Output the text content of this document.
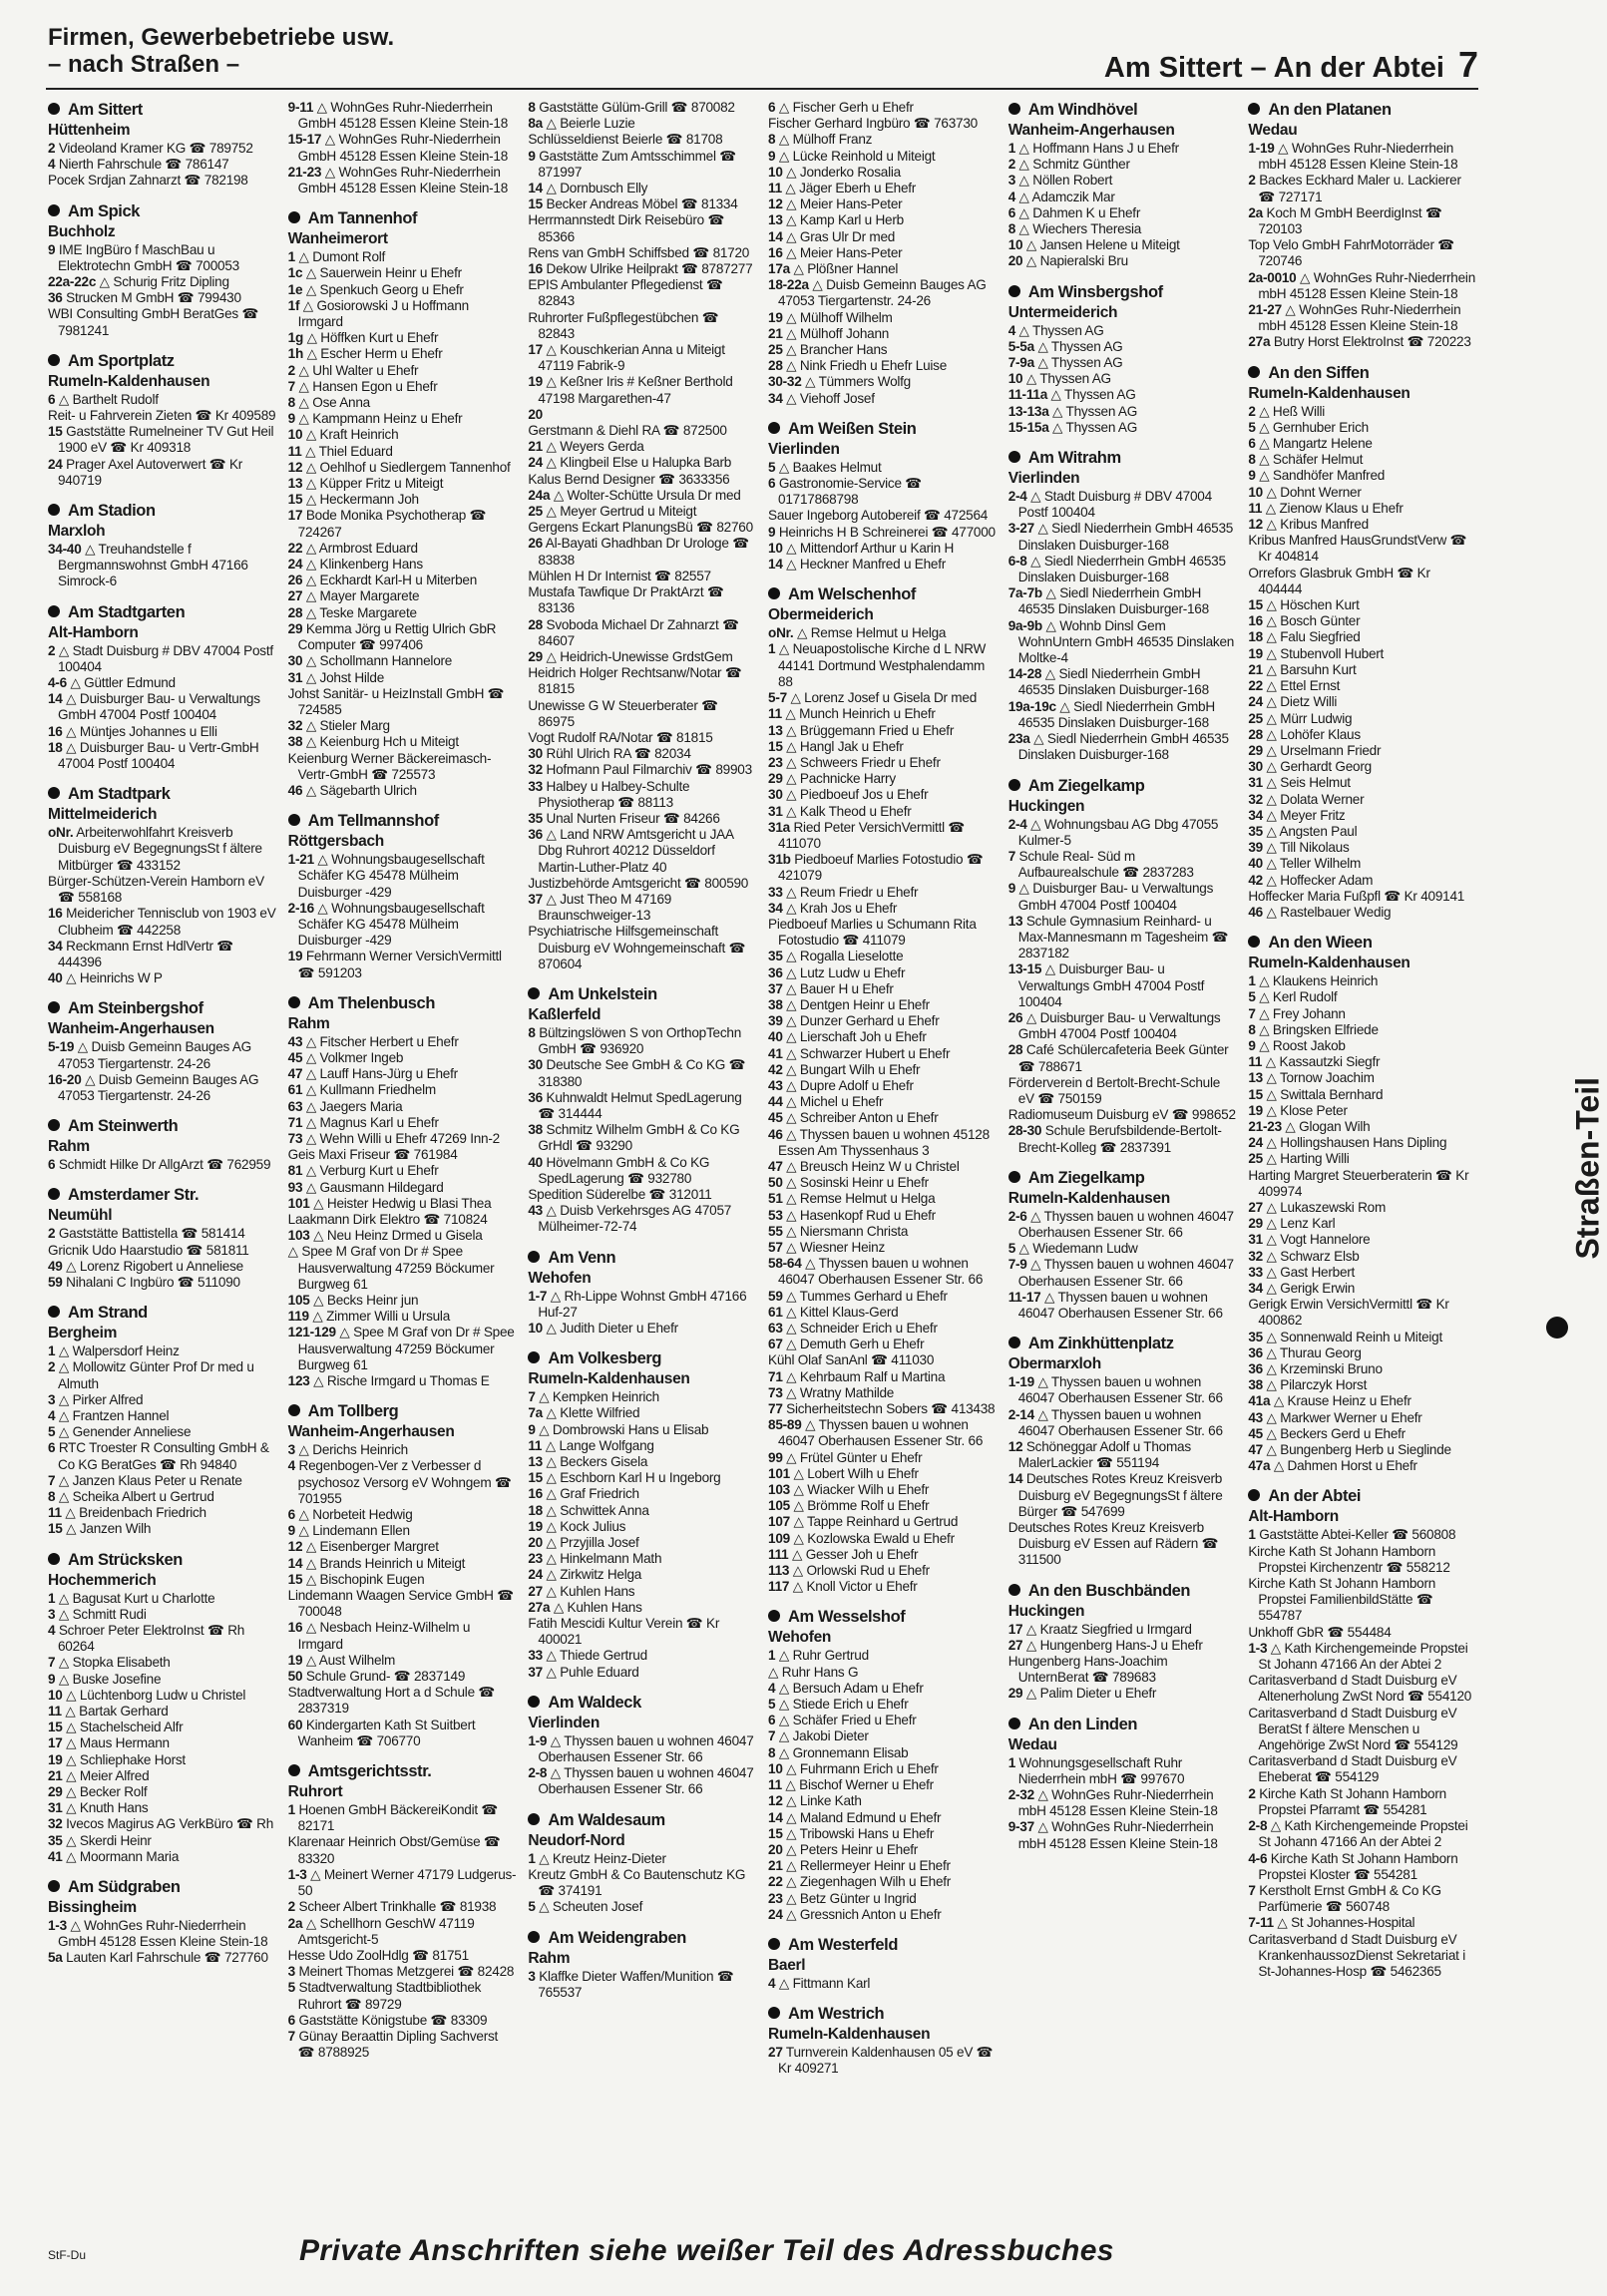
Firmen, Gewerbebetriebe usw.
– nach Straßen –	Am Sittert – An der Abtei 7
Am Sittert
Hüttenheim
2 Videoland Kramer KG ☎ 789752
4 Nierth Fahrschule ☎ 786147
Pocek Srdjan Zahnarzt ☎ 782198
Am Spick
Buchholz
9 IME IngBüro f MaschBau u Elektrotechn GmbH ☎ 700053
22a-22c △ Schurig Fritz Dipling
36 Strucken M GmbH ☎ 799430
WBI Consulting GmbH BeratGes ☎ 7981241
Am Sportplatz
Rumeln-Kaldenhausen
6 △ Barthelt Rudolf
Reit- u Fahrverein Zieten ☎ Kr 409589
15 Gaststätte Rumelneiner TV Gut Heil 1900 eV ☎ Kr 409318
24 Prager Axel Autoverwert ☎ Kr 940719
Am Stadion
Marxloh
34-40 △ Treuhandstelle f Bergmannswohnst GmbH 47166 Simrock-6
Am Stadtgarten
Alt-Hamborn
2 △ Stadt Duisburg # DBV 47004 Postf 100404
4-6 △ Güttler Edmund
14 △ Duisburger Bau- u Verwaltungs GmbH 47004 Postf 100404
16 △ Müntjes Johannes u Elli
18 △ Duisburger Bau- u Vertr-GmbH 47004 Postf 100404
Am Stadtpark
Mittelmeiderich
oNr. Arbeiterwohlfahrt Kreisverb Duisburg eV BegegnungsSt f ältere Mitbürger ☎ 433152
Bürger-Schützen-Verein Hamborn eV ☎ 558168
16 Meidericher Tennisclub von 1903 eV Clubheim ☎ 442258
34 Reckmann Ernst HdlVertr ☎ 444396
40 △ Heinrichs W P
Am Steinbergshof
Wanheim-Angerhausen
5-19 △ Duisb Gemeinn Bauges AG 47053 Tiergartenstr. 24-26
16-20 △ Duisb Gemeinn Bauges AG 47053 Tiergartenstr. 24-26
Am Steinwerth
Rahm
6 Schmidt Hilke Dr AllgArzt ☎ 762959
Amsterdamer Str.
Neumühl
2 Gaststätte Battistella ☎ 581414
Gricnik Udo Haarstudio ☎ 581811
49 △ Lorenz Rigobert u Anneliese
59 Nihalani C Ingbüro ☎ 511090
Am Strand
Bergheim
1 △ Walpersdorf Heinz
2 △ Mollowitz Günter Prof Dr med u Almuth
3 △ Pirker Alfred
4 △ Frantzen Hannel
5 △ Genender Anneliese
6 RTC Troester R Consulting GmbH & Co KG BeratGes ☎ Rh 94840
7 △ Janzen Klaus Peter u Renate
8 △ Scheika Albert u Gertrud
11 △ Breidenbach Friedrich
15 △ Janzen Wilh
Am Strücksken
Hochemmerich
1 △ Bagusat Kurt u Charlotte
3 △ Schmitt Rudi
4 Schroer Peter ElektroInst ☎ Rh 60264
7 △ Stopka Elisabeth
9 △ Buske Josefine
10 △ Lüchtenborg Ludw u Christel
11 △ Bartak Gerhard
15 △ Stachelscheid Alfr
17 △ Maus Hermann
19 △ Schliephake Horst
21 △ Meier Alfred
29 △ Becker Rolf
31 △ Knuth Hans
32 Ivecos Magirus AG VerkBüro ☎ Rh
35 △ Skerdi Heinr
41 △ Moormann Maria
Am Südgraben
Bissingheim
1-3 △ WohnGes Ruhr-Niederrhein GmbH 45128 Essen Kleine Stein-18
5a Lauten Karl Fahrschule ☎ 727760
9-11 △ WohnGes Ruhr-Niederrhein GmbH 45128 Essen Kleine Stein-18
15-17 △ WohnGes Ruhr-Niederrhein GmbH 45128 Essen Kleine Stein-18
21-23 △ WohnGes Ruhr-Niederrhein GmbH 45128 Essen Kleine Stein-18
Am Tannenhof
Wanheimerort
1 △ Dumont Rolf
1c △ Sauerwein Heinr u Ehefr
1e △ Spenkuch Georg u Ehefr
1f △ Gosiorowski J u Hoffmann Irmgard
1g △ Höffken Kurt u Ehefr
1h △ Escher Herm u Ehefr
2 △ Uhl Walter u Ehefr
7 △ Hansen Egon u Ehefr
8 △ Ose Anna
9 △ Kampmann Heinz u Ehefr
10 △ Kraft Heinrich
11 △ Thiel Eduard
12 △ Oehlhof u Siedlergem Tannenhof
13 △ Küpper Fritz u Miteigt
15 △ Heckermann Joh
17 Bode Monika Psychotherap ☎ 724267
22 △ Armbrost Eduard
24 △ Klinkenberg Hans
26 △ Eckhardt Karl-H u Miterben
27 △ Mayer Margarete
28 △ Teske Margarete
29 Kemma Jörg u Rettig Ulrich GbR Computer ☎ 997406
30 △ Schollmann Hannelore
31 △ Johst Hilde
Johst Sanitär- u HeizInstall GmbH ☎ 724585
32 △ Stieler Marg
38 △ Keienburg Hch u Miteigt
Keienburg Werner Bäckereimasch-Vertr-GmbH ☎ 725573
46 △ Sägebarth Ulrich
Am Tellmannshof
Röttgersbach
1-21 △ Wohnungsbaugesellschaft Schäfer KG 45478 Mülheim Duisburger -429
2-16 △ Wohnungsbaugesellschaft Schäfer KG 45478 Mülheim Duisburger -429
19 Fehrmann Werner VersichVermittl ☎ 591203
Am Thelenbusch
Rahm
43 △ Fitscher Herbert u Ehefr
45 △ Volkmer Ingeb
47 △ Lauff Hans-Jürg u Ehefr
61 △ Kullmann Friedhelm
63 △ Jaegers Maria
71 △ Magnus Karl u Ehefr
73 △ Wehn Willi u Ehefr 47269 Inn-2
Geis Maxi Friseur ☎ 761984
81 △ Verburg Kurt u Ehefr
93 △ Gausmann Hildegard
101 △ Heister Hedwig u Blasi Thea
Laakmann Dirk Elektro ☎ 710824
103 △ Neu Heinz Drmed u Gisela
△ Spee M Graf von Dr # Spee Hausverwaltung 47259 Böckumer Burgweg 61
105 △ Becks Heinr jun
119 △ Zimmer Willi u Ursula
121-129 △ Spee M Graf von Dr # Spee Hausverwaltung 47259 Böckumer Burgweg 61
123 △ Rische Irmgard u Thomas E
Am Tollberg
Wanheim-Angerhausen
3 △ Derichs Heinrich
4 Regenbogen-Ver z Verbesser d psychosoz Versorg eV Wohngem ☎ 701955
6 △ Norbeteit Hedwig
9 △ Lindemann Ellen
12 △ Eisenberger Margret
14 △ Brands Heinrich u Miteigt
15 △ Bischopink Eugen
Lindemann Waagen Service GmbH ☎ 700048
16 △ Nesbach Heinz-Wilhelm u Irmgard
19 △ Aust Wilhelm
50 Schule Grund- ☎ 2837149
Stadtverwaltung Hort a d Schule ☎ 2837319
60 Kindergarten Kath St Suitbert Wanheim ☎ 706770
Amtsgerichtsstr.
Ruhrort
1 Hoenen GmbH BäckereiKondit ☎ 82171
Klarenaar Heinrich Obst/Gemüse ☎ 83320
1-3 △ Meinert Werner 47179 Ludgerus-50
2 Scheer Albert Trinkhalle ☎ 81938
2a △ Schellhorn GeschW 47119 Amtsgericht-5
Hesse Udo ZoolHdlg ☎ 81751
3 Meinert Thomas Metzgerei ☎ 82428
5 Stadtverwaltung Stadtbibliothek Ruhrort ☎ 89729
6 Gaststätte Königstube ☎ 83309
7 Günay Beraattin Dipling Sachverst ☎ 8788925
8 Gaststätte Gülüm-Grill ☎ 870082
8a △ Beierle Luzie
Schlüsseldienst Beierle ☎ 81708
9 Gaststätte Zum Amtsschimmel ☎ 871997
14 △ Dornbusch Elly
15 Becker Andreas Möbel ☎ 81334
Herrmannstedt Dirk Reisebüro ☎ 85366
Rens van GmbH Schiffsbed ☎ 81720
16 Dekow Ulrike Heilprakt ☎ 8787277
EPIS Ambulanter Pflegedienst ☎ 82843
Ruhrorter Fußpflegestübchen ☎ 82843
17 △ Kouschkerian Anna u Miteigt 47119 Fabrik-9
19 △ Keßner Iris # Keßner Berthold 47198 Margarethen-47
20
Gerstmann & Diehl RA ☎ 872500
21 △ Weyers Gerda
24 △ Klingbeil Else u Halupka Barb
Kalus Bernd Designer ☎ 3633356
24a △ Wolter-Schütte Ursula Dr med
25 △ Meyer Gertrud u Miteigt
Gergens Eckart PlanungsBü ☎ 82760
26 Al-Bayati Ghadhban Dr Urologe ☎ 83838
Mühlen H Dr Internist ☎ 82557
Mustafa Tawfique Dr PraktArzt ☎ 83136
28 Svoboda Michael Dr Zahnarzt ☎ 84607
29 △ Heidrich-Unewisse GrdstGem
Heidrich Holger Rechtsanw/Notar ☎ 81815
Unewisse G W Steuerberater ☎ 86975
Vogt Rudolf RA/Notar ☎ 81815
30 Rühl Ulrich RA ☎ 82034
32 Hofmann Paul Filmarchiv ☎ 89903
33 Halbey u Halbey-Schulte Physiotherap ☎ 88113
35 Unal Nurten Friseur ☎ 84266
36 △ Land NRW Amtsgericht u JAA Dbg Ruhrort 40212 Düsseldorf Martin-Luther-Platz 40
Justizbehörde Amtsgericht ☎ 800590
37 △ Just Theo M 47169 Braunschweiger-13
Psychiatrische Hilfsgemeinschaft Duisburg eV Wohngemeinschaft ☎ 870604
Am Unkelstein
Kaßlerfeld
8 Bültzingslöwen S von OrthopTechn GmbH ☎ 936920
30 Deutsche See GmbH & Co KG ☎ 318380
36 Kuhnwaldt Helmut SpedLagerung ☎ 314444
38 Schmitz Wilhelm GmbH & Co KG GrHdl ☎ 93290
40 Hövelmann GmbH & Co KG SpedLagerung ☎ 932780
Spedition Süderelbe ☎ 312011
43 △ Duisb Verkehrsges AG 47057 Mülheimer-72-74
Am Venn
Wehofen
1-7 △ Rh-Lippe Wohnst GmbH 47166 Huf-27
10 △ Judith Dieter u Ehefr
Am Volkesberg
Rumeln-Kaldenhausen
7 △ Kempken Heinrich
7a △ Klette Wilfried
9 △ Dombrowski Hans u Elisab
11 △ Lange Wolfgang
13 △ Beckers Gisela
15 △ Eschborn Karl H u Ingeborg
16 △ Graf Friedrich
18 △ Schwittek Anna
19 △ Kock Julius
20 △ Przyjilla Josef
23 △ Hinkelmann Math
24 △ Zirkwitz Helga
27 △ Kuhlen Hans
27a △ Kuhlen Hans
Fatih Mescidi Kultur Verein ☎ Kr 400021
33 △ Thiede Gertrud
37 △ Puhle Eduard
Am Waldeck
Vierlinden
1-9 △ Thyssen bauen u wohnen 46047 Oberhausen Essener Str. 66
2-8 △ Thyssen bauen u wohnen 46047 Oberhausen Essener Str. 66
Am Waldesaum
Neudorf-Nord
1 △ Kreutz Heinz-Dieter
Kreutz GmbH & Co Bautenschutz KG ☎ 374191
5 △ Scheuten Josef
Am Weidengraben
Rahm
3 Klaffke Dieter Waffen/Munition ☎ 765537
6 △ Fischer Gerh u Ehefr
Fischer Gerhard Ingbüro ☎ 763730
8 △ Mülhoff Franz
9 △ Lücke Reinhold u Miteigt
10 △ Jonderko Rosalia
11 △ Jäger Eberh u Ehefr
12 △ Meier Hans-Peter
13 △ Kamp Karl u Herb
14 △ Gras Ulr Dr med
16 △ Meier Hans-Peter
17a △ Plößner Hannel
18-22a △ Duisb Gemeinn Bauges AG 47053 Tiergartenstr. 24-26
19 △ Mülhoff Wilhelm
21 △ Mülhoff Johann
25 △ Brancher Hans
28 △ Nink Friedh u Ehefr Luise
30-32 △ Tümmers Wolfg
34 △ Viehoff Josef
Am Weißen Stein
Vierlinden
5 △ Baakes Helmut
6 Gastronomie-Service ☎ 01717868798
Sauer Ingeborg Autobereif ☎ 472564
9 Heinrichs H B Schreinerei ☎ 477000
10 △ Mittendorf Arthur u Karin H
14 △ Heckner Manfred u Ehefr
Am Welschenhof
Obermeiderich
oNr. △ Remse Helmut u Helga
1 △ Neuapostolische Kirche d L NRW 44141 Dortmund Westphalendamm 88
5-7 △ Lorenz Josef u Gisela Dr med
11 △ Munch Heinrich u Ehefr
13 △ Brüggemann Fried u Ehefr
15 △ Hangl Jak u Ehefr
23 △ Schweers Friedr u Ehefr
29 △ Pachnicke Harry
30 △ Piedboeuf Jos u Ehefr
31 △ Kalk Theod u Ehefr
31a Ried Peter VersichVermittl ☎ 411070
31b Piedboeuf Marlies Fotostudio ☎ 421079
33 △ Reum Friedr u Ehefr
34 △ Krah Jos u Ehefr
Piedboeuf Marlies u Schumann Rita Fotostudio ☎ 411079
35 △ Rogalla Lieselotte
36 △ Lutz Ludw u Ehefr
37 △ Bauer H u Ehefr
38 △ Dentgen Heinr u Ehefr
39 △ Dunzer Gerhard u Ehefr
40 △ Lierschaft Joh u Ehefr
41 △ Schwarzer Hubert u Ehefr
42 △ Bungart Wilh u Ehefr
43 △ Dupre Adolf u Ehefr
44 △ Michel u Ehefr
45 △ Schreiber Anton u Ehefr
46 △ Thyssen bauen u wohnen 45128 Essen Am Thyssenhaus 3
47 △ Breusch Heinz W u Christel
50 △ Sosinski Heinr u Ehefr
51 △ Remse Helmut u Helga
53 △ Hasenkopf Rud u Ehefr
55 △ Niersmann Christa
57 △ Wiesner Heinz
58-64 △ Thyssen bauen u wohnen 46047 Oberhausen Essener Str. 66
59 △ Tummes Gerhard u Ehefr
61 △ Kittel Klaus-Gerd
63 △ Schneider Erich u Ehefr
67 △ Demuth Gerh u Ehefr
Kühl Olaf SanAnl ☎ 411030
71 △ Kehrbaum Ralf u Martina
73 △ Wratny Mathilde
77 Sicherheitstechn Sobers ☎ 413438
85-89 △ Thyssen bauen u wohnen 46047 Oberhausen Essener Str. 66
99 △ Frütel Günter u Ehefr
101 △ Lobert Wilh u Ehefr
103 △ Wiacker Wilh u Ehefr
105 △ Brömme Rolf u Ehefr
107 △ Tappe Reinhard u Gertrud
109 △ Kozlowska Ewald u Ehefr
111 △ Gesser Joh u Ehefr
113 △ Orlowski Rud u Ehefr
117 △ Knoll Victor u Ehefr
Am Wesselshof
Wehofen
1 △ Ruhr Gertrud
△ Ruhr Hans G
4 △ Bersuch Adam u Ehefr
5 △ Stiede Erich u Ehefr
6 △ Schäfer Fried u Ehefr
7 △ Jakobi Dieter
8 △ Gronnemann Elisab
10 △ Fuhrmann Erich u Ehefr
11 △ Bischof Werner u Ehefr
12 △ Linke Kath
14 △ Maland Edmund u Ehefr
15 △ Tribowski Hans u Ehefr
20 △ Peters Heinr u Ehefr
21 △ Rellermeyer Heinr u Ehefr
22 △ Ziegenhagen Wilh u Ehefr
23 △ Betz Günter u Ingrid
24 △ Gressnich Anton u Ehefr
Am Westerfeld
Baerl
4 △ Fittmann Karl
Am Westrich
Rumeln-Kaldenhausen
27 Turnverein Kaldenhausen 05 eV ☎ Kr 409271
Am Windhövel
Wanheim-Angerhausen
1 △ Hoffmann Hans J u Ehefr
2 △ Schmitz Günther
3 △ Nöllen Robert
4 △ Adamczik Mar
6 △ Dahmen K u Ehefr
8 △ Wiechers Theresia
10 △ Jansen Helene u Miteigt
20 △ Napieralski Bru
Am Winsbergshof
Untermeiderich
4 △ Thyssen AG
5-5a △ Thyssen AG
7-9a △ Thyssen AG
10 △ Thyssen AG
11-11a △ Thyssen AG
13-13a △ Thyssen AG
15-15a △ Thyssen AG
Am Witrahm
Vierlinden
2-4 △ Stadt Duisburg # DBV 47004 Postf 100404
3-27 △ Siedl Niederrhein GmbH 46535 Dinslaken Duisburger-168
6-8 △ Siedl Niederrhein GmbH 46535 Dinslaken Duisburger-168
7a-7b △ Siedl Niederrhein GmbH 46535 Dinslaken Duisburger-168
9a-9b △ Wohnb Dinsl Gem WohnUntern GmbH 46535 Dinslaken Moltke-4
14-28 △ Siedl Niederrhein GmbH 46535 Dinslaken Duisburger-168
19a-19c △ Siedl Niederrhein GmbH 46535 Dinslaken Duisburger-168
23a △ Siedl Niederrhein GmbH 46535 Dinslaken Duisburger-168
Am Ziegelkamp
Huckingen
2-4 △ Wohnungsbau AG Dbg 47055 Kulmer-5
7 Schule Real- Süd m Aufbaurealschule ☎ 2837283
9 △ Duisburger Bau- u Verwaltungs GmbH 47004 Postf 100404
13 Schule Gymnasium Reinhard- u Max-Mannesmann m Tagesheim ☎ 2837182
13-15 △ Duisburger Bau- u Verwaltungs GmbH 47004 Postf 100404
26 △ Duisburger Bau- u Verwaltungs GmbH 47004 Postf 100404
28 Café Schülercafeteria Beek Günter ☎ 788671
Förderverein d Bertolt-Brecht-Schule eV ☎ 750159
Radiomuseum Duisburg eV ☎ 998652
28-30 Schule Berufsbildende-Bertolt-Brecht-Kolleg ☎ 2837391
Am Ziegelkamp
Rumeln-Kaldenhausen
2-6 △ Thyssen bauen u wohnen 46047 Oberhausen Essener Str. 66
5 △ Wiedemann Ludw
7-9 △ Thyssen bauen u wohnen 46047 Oberhausen Essener Str. 66
11-17 △ Thyssen bauen u wohnen 46047 Oberhausen Essener Str. 66
Am Zinkhüttenplatz
Obermarxloh
1-19 △ Thyssen bauen u wohnen 46047 Oberhausen Essener Str. 66
2-14 △ Thyssen bauen u wohnen 46047 Oberhausen Essener Str. 66
12 Schöneggar Adolf u Thomas MalerLackier ☎ 551194
14 Deutsches Rotes Kreuz Kreisverb Duisburg eV BegegnungsSt f ältere Bürger ☎ 547699
Deutsches Rotes Kreuz Kreisverb Duisburg eV Essen auf Rädern ☎ 311500
An den Buschbänden
Huckingen
17 △ Kraatz Siegfried u Irmgard
27 △ Hungenberg Hans-J u Ehefr
Hungenberg Hans-Joachim UnternBerat ☎ 789683
29 △ Palim Dieter u Ehefr
An den Linden
Wedau
1 Wohnungsgesellschaft Ruhr Niederrhein mbH ☎ 997670
2-32 △ WohnGes Ruhr-Niederrhein mbH 45128 Essen Kleine Stein-18
9-37 △ WohnGes Ruhr-Niederrhein mbH 45128 Essen Kleine Stein-18
An den Platanen
Wedau
1-19 △ WohnGes Ruhr-Niederrhein mbH 45128 Essen Kleine Stein-18
2 Backes Eckhard Maler u. Lackierer ☎ 727171
2a Koch M GmbH BeerdigInst ☎ 720103
Top Velo GmbH FahrMotorräder ☎ 720746
2a-0010 △ WohnGes Ruhr-Niederrhein mbH 45128 Essen Kleine Stein-18
21-27 △ WohnGes Ruhr-Niederrhein mbH 45128 Essen Kleine Stein-18
27a Butry Horst ElektroInst ☎ 720223
An den Siffen
Rumeln-Kaldenhausen
2 △ Heß Willi
5 △ Gernhuber Erich
6 △ Mangartz Helene
8 △ Schäfer Helmut
9 △ Sandhöfer Manfred
10 △ Dohnt Werner
11 △ Zienow Klaus u Ehefr
12 △ Kribus Manfred
Kribus Manfred HausGrundstVerw ☎ Kr 404814
Orrefors Glasbruk GmbH ☎ Kr 404444
15 △ Höschen Kurt
16 △ Bosch Günter
18 △ Falu Siegfried
19 △ Stubenvoll Hubert
21 △ Barsuhn Kurt
22 △ Ettel Ernst
24 △ Dietz Willi
25 △ Mürr Ludwig
28 △ Lohöfer Klaus
29 △ Urselmann Friedr
30 △ Gerhardt Georg
31 △ Seis Helmut
32 △ Dolata Werner
34 △ Meyer Fritz
35 △ Angsten Paul
39 △ Till Nikolaus
40 △ Teller Wilhelm
42 △ Hoffecker Adam
Hoffecker Maria Fußpfl ☎ Kr 409141
46 △ Rastelbauer Wedig
An den Wieen
Rumeln-Kaldenhausen
1 △ Klaukens Heinrich
5 △ Kerl Rudolf
7 △ Frey Johann
8 △ Bringsken Elfriede
9 △ Roost Jakob
11 △ Kassautzki Siegfr
13 △ Tornow Joachim
15 △ Swittala Bernhard
19 △ Klose Peter
21-23 △ Glogan Wilh
24 △ Hollingshausen Hans Dipling
25 △ Harting Willi
Harting Margret Steuerberaterin ☎ Kr 409974
27 △ Lukaszewski Rom
29 △ Lenz Karl
31 △ Vogt Hannelore
32 △ Schwarz Elsb
33 △ Gast Herbert
34 △ Gerigk Erwin
Gerigk Erwin VersichVermittl ☎ Kr 400862
35 △ Sonnenwald Reinh u Miteigt
36 △ Thurau Georg
36 △ Krzeminski Bruno
38 △ Pilarczyk Horst
41a △ Krause Heinz u Ehefr
43 △ Markwer Werner u Ehefr
45 △ Beckers Gerd u Ehefr
47 △ Bungenberg Herb u Sieglinde
47a △ Dahmen Horst u Ehefr
An der Abtei
Alt-Hamborn
1 Gaststätte Abtei-Keller ☎ 560808
Kirche Kath St Johann Hamborn Propstei Kirchenzentr ☎ 558212
Kirche Kath St Johann Hamborn Propstei FamilienbildStätte ☎ 554787
Unkhoff GbR ☎ 554484
1-3 △ Kath Kirchengemeinde Propstei St Johann 47166 An der Abtei 2
Caritasverband d Stadt Duisburg eV Altenerholung ZwSt Nord ☎ 554120
Caritasverband d Stadt Duisburg eV BeratSt f ältere Menschen u Angehörige ZwSt Nord ☎ 554129
Caritasverband d Stadt Duisburg eV Eheberat ☎ 554129
2 Kirche Kath St Johann Hamborn Propstei Pfarramt ☎ 554281
2-8 △ Kath Kirchengemeinde Propstei St Johann 47166 An der Abtei 2
4-6 Kirche Kath St Johann Hamborn Propstei Kloster ☎ 554281
7 Kerstholt Ernst GmbH & Co KG Parfümerie ☎ 560748
7-11 △ St Johannes-Hospital
Caritasverband d Stadt Duisburg eV KrankenhaussozDienst Sekretariat i St-Johannes-Hosp ☎ 5462365
Straßen-Teil
StF-Du	Private Anschriften siehe weißer Teil des Adressbuches
